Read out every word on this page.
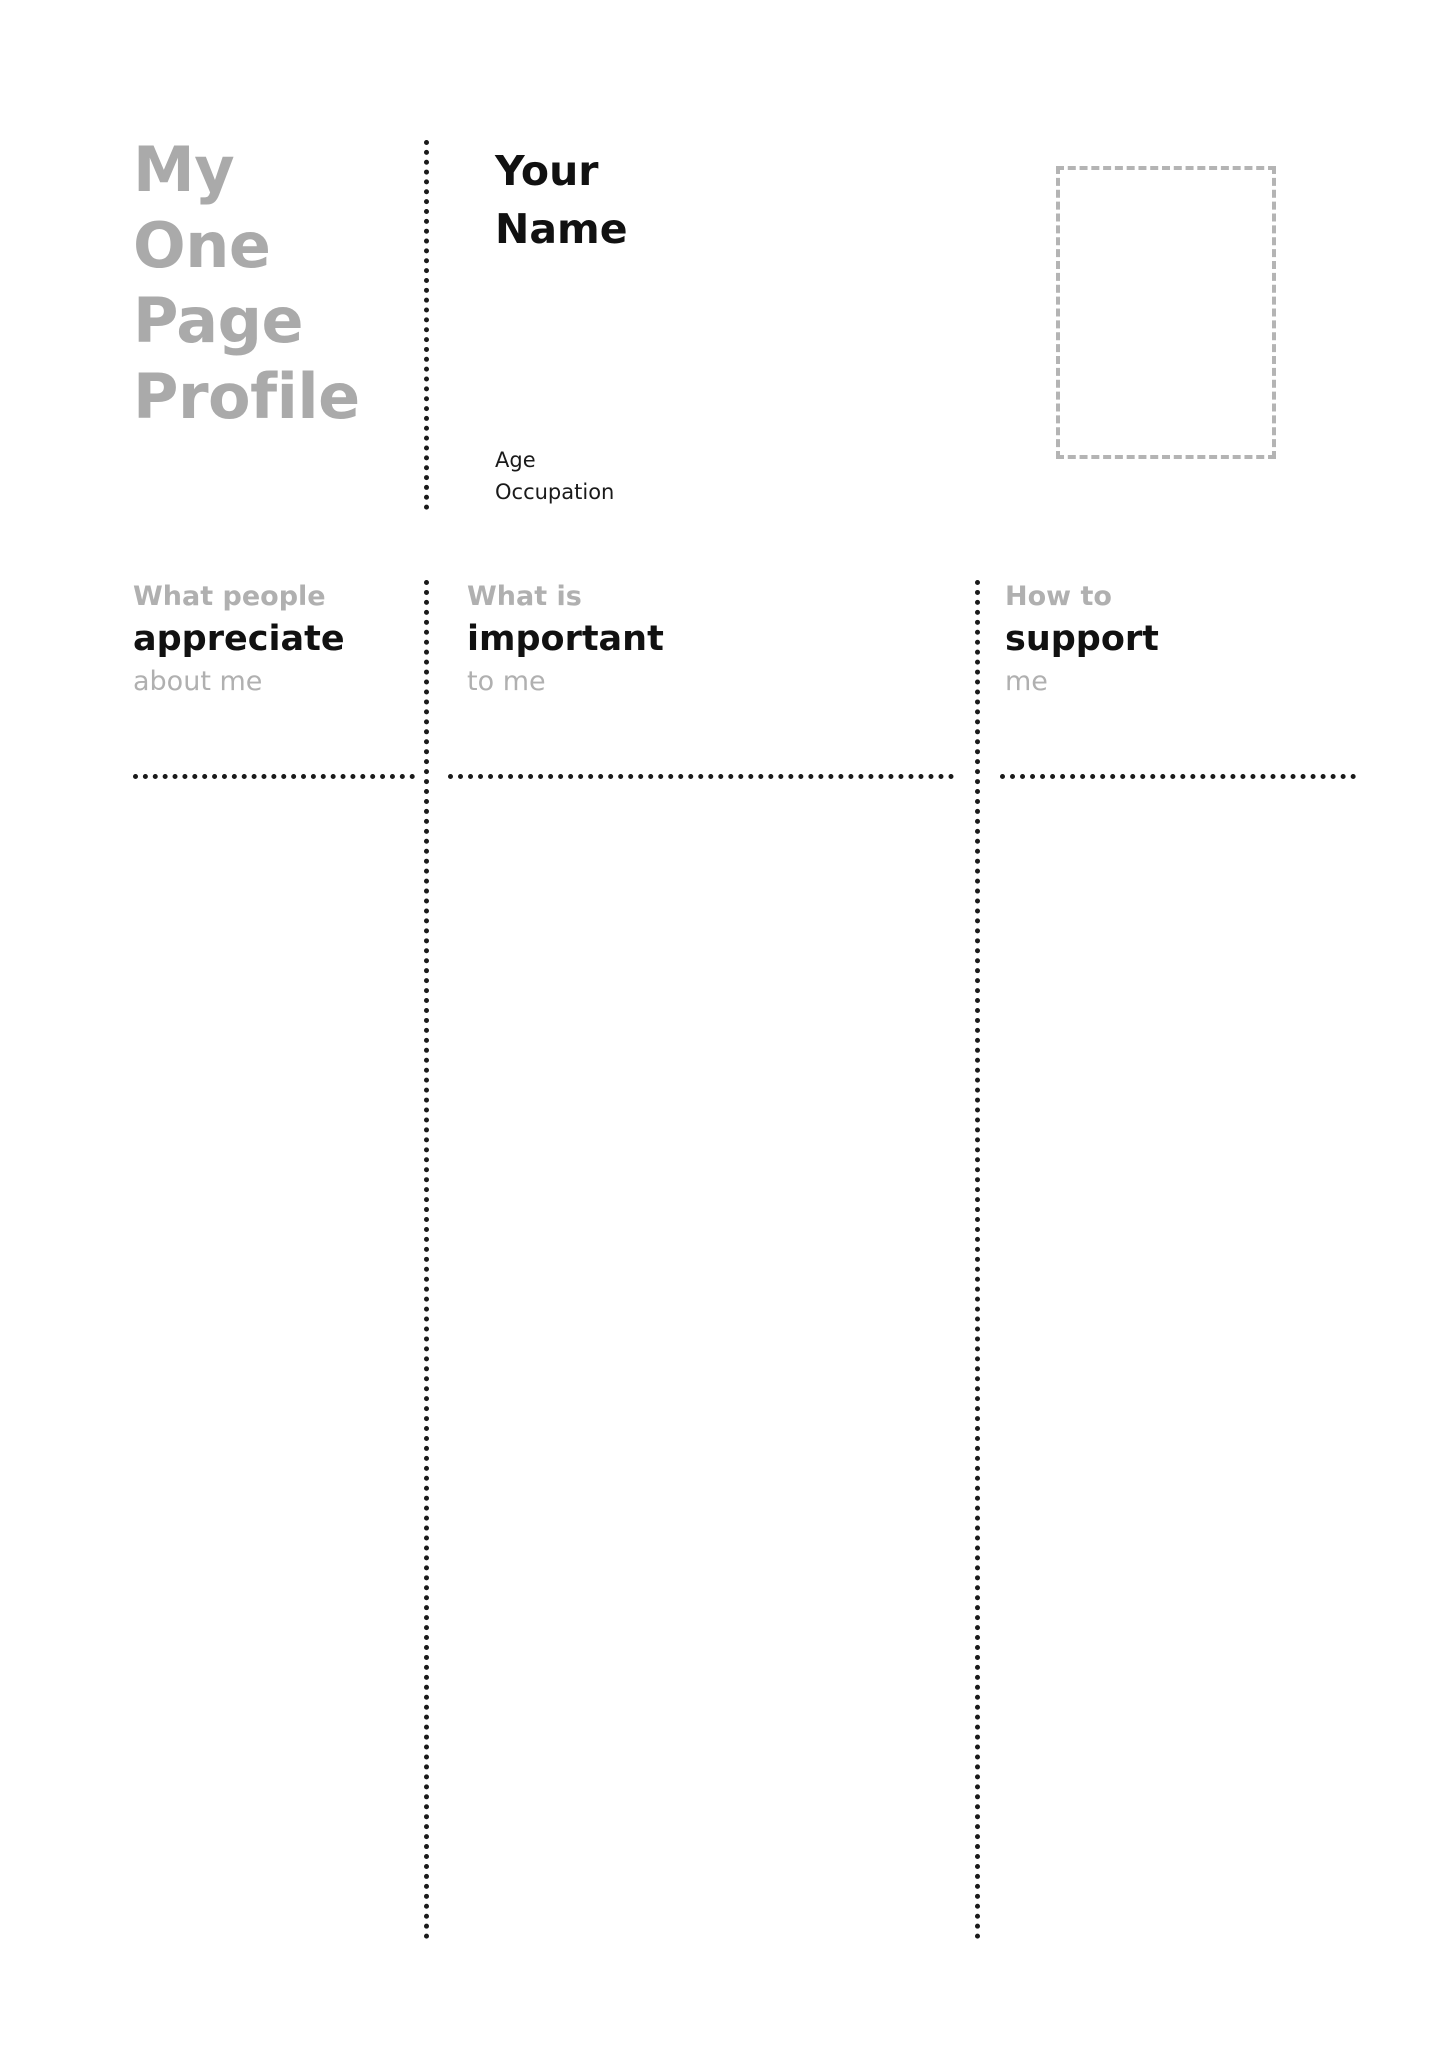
My
One
Page
Profile
Your
Name
Age
Occupation
What people
appreciate
about me
What is
important
to me
How to
support
me
